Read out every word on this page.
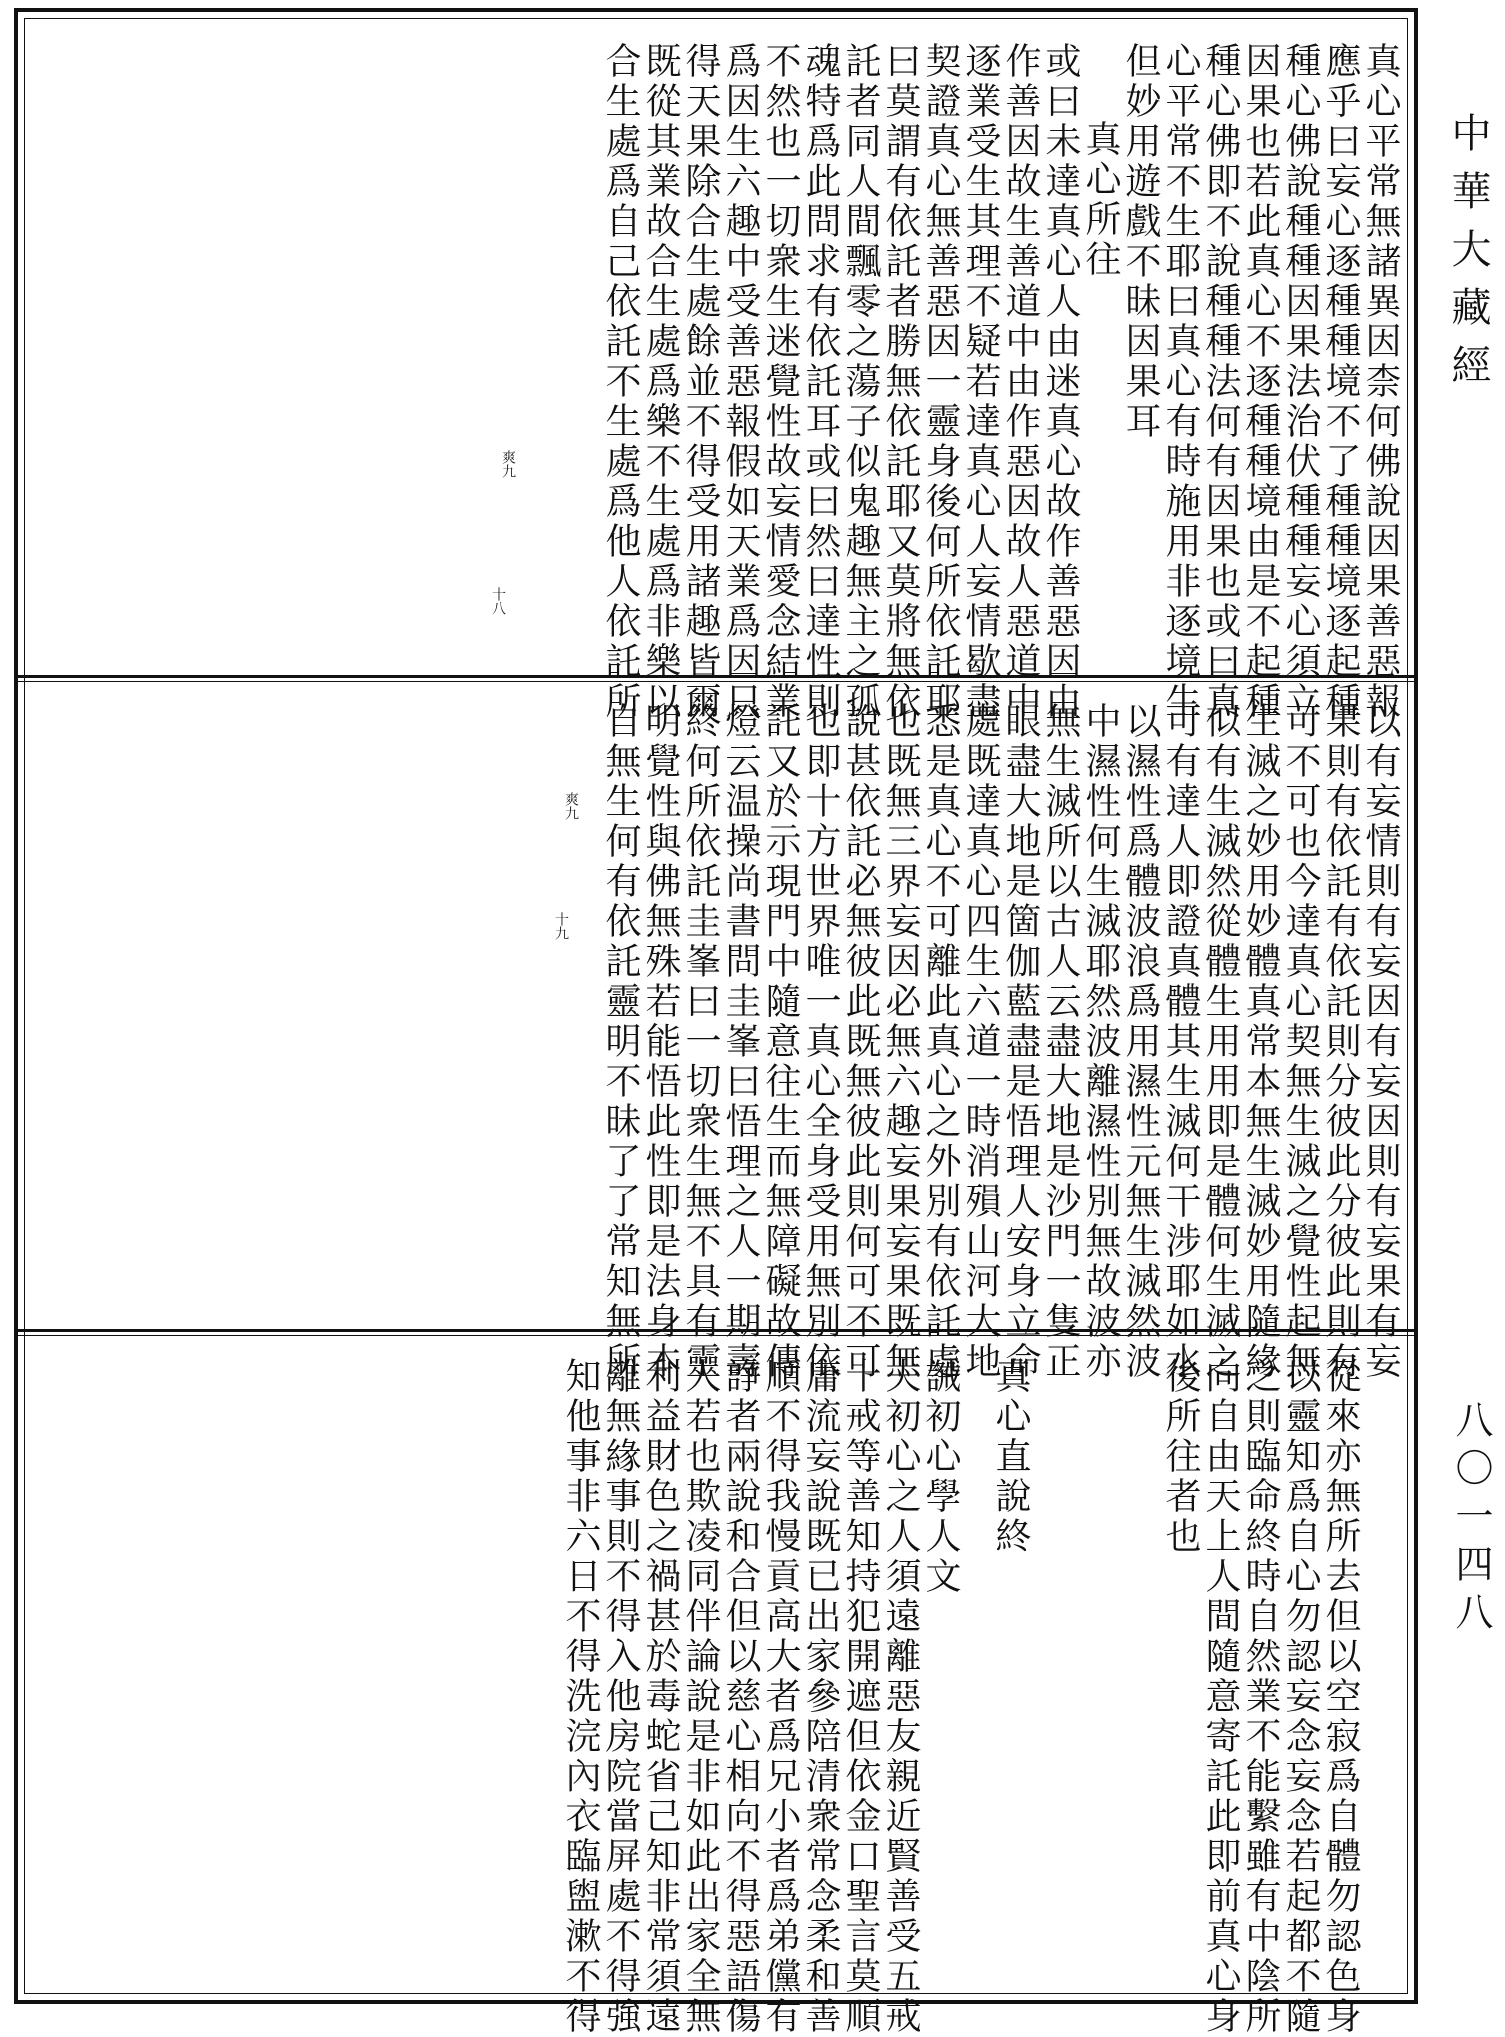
真心平常無諸異因柰何佛說因果善惡報
應乎曰妄心逐種種境不了種種境逐起種
種心佛說種種因果法治伏種種妄心須立
因果也若此真心不逐種種境由是不起種
種心佛即不說種種法何有因果也或曰真
心平常不生耶曰真心有時施用非逐境生
但妙用遊戲不昧因果耳
真心所往
或曰未達真心人由迷真心故作善惡因由
作善因故生善道中由作惡因故人惡道中
逐業受生其理不疑若達真心人妄情歇盡
契證真心無善惡因一靈身後何所依託耶
曰莫謂有依託者勝無依託耶又莫將無依
託者同人間飄零之蕩子似鬼趣無主之孤
魂特爲此問求有依託耳或曰然曰達性則
不然也一切衆生迷覺性故妄情愛念結業
爲因生六趣中受善惡報假如天業爲因只
得天果除合生處餘並不得受用諸趣皆爾
既從其業故合生處爲樂不生處爲非樂以
合生處爲自己依託不生處爲他人依託所
爽九
十八
以有妄情則有妄因有妄因則有妄果有妄
果則有依託有依託則分彼此分彼此則有
可不可也今達真心契無生滅之覺性起無
生滅之妙用妙體真常本無生滅妙用隨緣
似有生滅然從體生用用即是體何生滅之
可有達人即證真體其生滅何干涉耶如水
以濕性爲體波浪爲用濕性元無生滅然波
中濕性何生滅耶然波離濕性別無故波亦
無生滅所以古人云盡大地是沙門一隻正
眼盡大地是箇伽藍盡是悟理人安身立命
處既達真心四生六道一時消殞山河大地
悉是真心不可離此真心之外別有依託處
也既無三界妄因必無六趣妄果妄果既無
說甚依託必無彼此既無彼此則何可不可
也即十方世界唯一真心全身受用無別依
託又於示現門中隨意往生而無障礙故傳
燈云温操尚書問圭峯曰悟理之人一期壽
終何所依託圭峯曰一切衆生無不具有靈
明覺性與佛無殊若能悟此性即是法身本
自無生何有依託靈明不昧了了常知無所
爽九
十九
從來亦無所去但以空寂爲自體勿認色身
以靈知爲自心勿認妄念妄念若起都不隨
之則臨命終時自然業不能繫雖有中陰所
向自由天上人間隨意寄託此即前真心身
後所往者也
真心直說終
誡初心學人文
夫初心之人須遠離惡友親近賢善受五戒
十戒等善知持犯開遮但依金口聖言莫順
庸流妄說既已出家參陪清衆常念柔和善
順不得我慢貢高大者爲兄小者爲弟儻有
諍者兩說和合但以慈心相向不得惡語傷
人若也欺凌同伴論說是非如此出家全無
利益財色之禍甚於毒蛇省己知非常須遠
離無緣事則不得入他房院當屏處不得強
知他事非六日不得洗浣內衣臨盥漱不得
中華大藏經
八〇一四八
